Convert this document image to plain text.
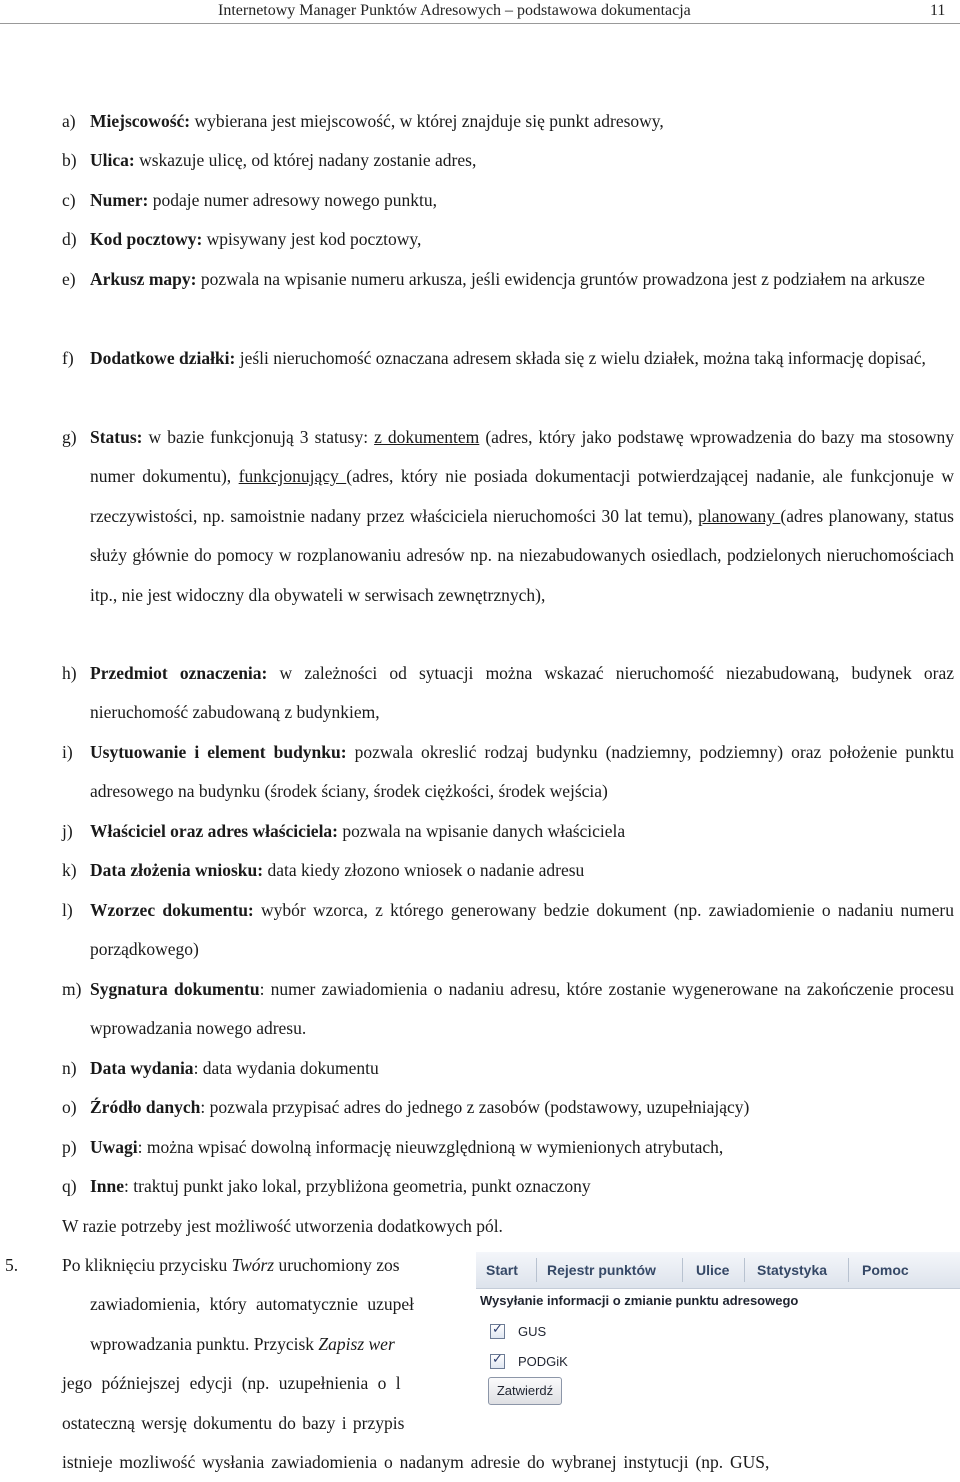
Internetowy Manager Punktów Adresowych – podstawowa dokumentacja	11
a) Miejscowość: wybierana jest miejscowość, w której znajduje się punkt adresowy,
b) Ulica: wskazuje ulicę, od której nadany zostanie adres,
c) Numer: podaje numer adresowy nowego punktu,
d) Kod pocztowy: wpisywany jest kod pocztowy,
e) Arkusz mapy: pozwala na wpisanie numeru arkusza, jeśli ewidencja gruntów prowadzona jest z podziałem na arkusze
f) Dodatkowe działki: jeśli nieruchomość oznaczana adresem składa się z wielu działek, można taką informację dopisać,
g) Status: w bazie funkcjonują 3 statusy: z dokumentem (adres, który jako podstawę wprowadzenia do bazy ma stosowny numer dokumentu), funkcjonujący (adres, który nie posiada dokumentacji potwierdzającej nadanie, ale funkcjonuje w rzeczywistości, np. samoistnie nadany przez właściciela nieruchomości 30 lat temu), planowany (adres planowany, status służy głównie do pomocy w rozplanowaniu adresów np. na niezabudowanych osiedlach, podzielonych nieruchomościach itp., nie jest widoczny dla obywateli w serwisach zewnętrznych),
h) Przedmiot oznaczenia: w zależności od sytuacji można wskazać nieruchomość niezabudowaną, budynek oraz nieruchomość zabudowaną z budynkiem,
i) Usytuowanie i element budynku: pozwala okreslić rodzaj budynku (nadziemny, podziemny) oraz położenie punktu adresowego na budynku (środek ściany, środek ciężkości, środek wejścia)
j) Właściciel oraz adres właściciela: pozwala na wpisanie danych właściciela
k) Data złożenia wniosku: data kiedy złozono wniosek o nadanie adresu
l) Wzorzec dokumentu: wybór wzorca, z którego generowany bedzie dokument (np. zawiadomienie o nadaniu numeru porządkowego)
m) Sygnatura dokumentu: numer zawiadomienia o nadaniu adresu, które zostanie wygenerowane na zakończenie procesu wprowadzania nowego adresu.
n) Data wydania: data wydania dokumentu
o) Źródło danych: pozwala przypisać adres do jednego z zasobów (podstawowy, uzupełniający)
p) Uwagi: można wpisać dowolną informację nieuwzględnioną w wymienionych atrybutach,
q) Inne: traktuj punkt jako lokal, przybliżona geometria, punkt oznaczony
W razie potrzeby jest możliwość utworzenia dodatkowych pól.
5.	Po kliknięciu przycisku Twórz uruchomiony zos
zawiadomienia, który automatycznie uzupeł
wprowadzania punktu. Przycisk Zapisz wer
jego późniejszej edycji (np. uzupełnienia o l
ostateczną wersję dokumentu do bazy i przypis
istnieje mozliwość wysłania zawiadomienia o nadanym adresie do wybranej instytucji (np. GUS,
Start Rejestr punktów	Ulice Statystyka Pomoc
Wysyłanie informacji o zmianie punktu adresowego
✓
GUS
✓
PODGiK
Zatwierdź
